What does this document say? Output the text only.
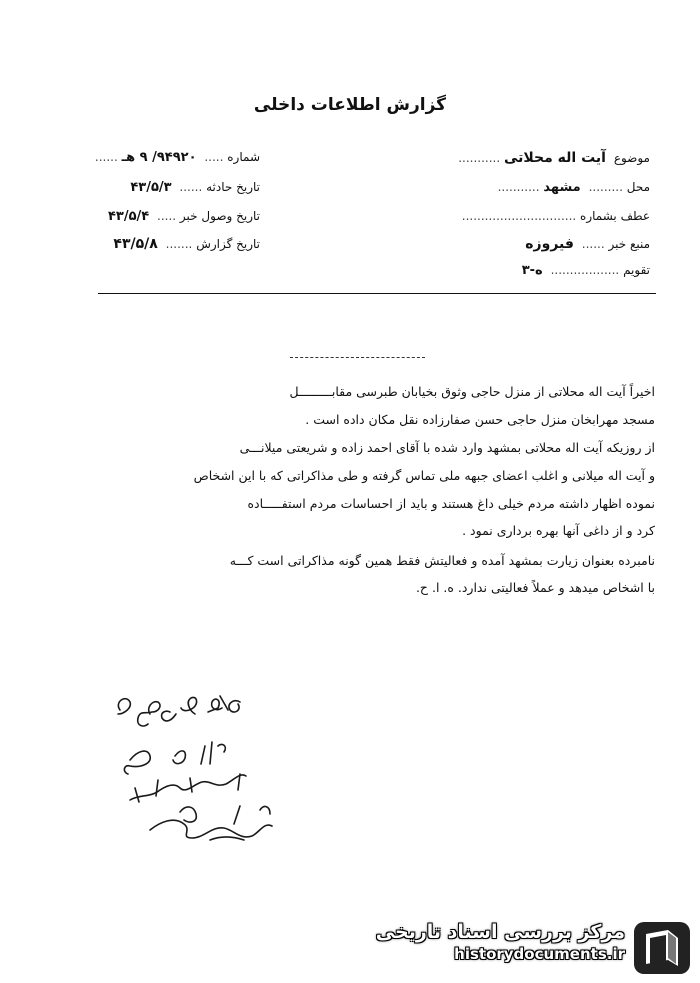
گزارش اطلاعات داخلی
موضوع آیت اله محلاتی ...........
محل ......... مشهد ...........
عطف بشماره ..............................
منبع خبر ...... فیروزه
تقویم .................. ه-۳
شماره ..... ۹۴۹۲۰/ ۹ هـ ......
تاریخ حادثه ...... ۴۳/۵/۳
تاریخ وصول خبر ..... ۴۳/۵/۴
تاریخ گزارش ....... ۴۳/۵/۸
اخیراً آیت اله محلاتی از منزل حاجی وثوق بخیابان طبرسی مقابـــــــــل
مسجد مهرابخان منزل حاجی حسن صفارزاده نقل مکان داده است .
از روزیکه آیت اله محلاتی بمشهد وارد شده با آقای احمد زاده و شریعتی میلانـــی
و آیت اله میلانی و اغلب اعضای جبهه ملی تماس گرفته و طی مذاکراتی که با این اشخاص
نموده اظهار داشته مردم خیلی داغ هستند و باید از احساسات مردم استفـــــاده
کرد و از داغی آنها بهره برداری نمود .
نامبرده بعنوان زیارت بمشهد آمده و فعالیتش فقط همین گونه مذاکراتی است کـــه
با اشخاص میدهد و عملاً فعالیتی ندارد. ه. ا. ح.
مرکز بررسی اسناد تاریخی
historydocuments.ir
